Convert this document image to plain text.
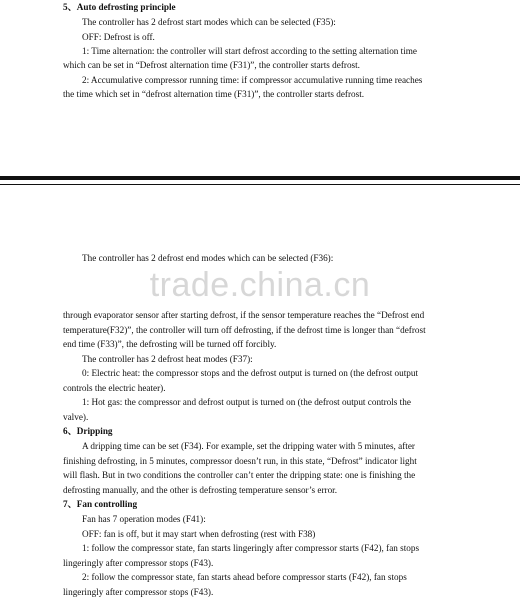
5、Auto defrosting principle
The controller has 2 defrost start modes which can be selected (F35):
OFF: Defrost is off.
1: Time alternation: the controller will start defrost according to the setting alternation time
which can be set in “Defrost alternation time (F31)”, the controller starts defrost.
2: Accumulative compressor running time: if compressor accumulative running time reaches
the time which set in “defrost alternation time (F31)”, the controller starts defrost.
The controller has 2 defrost end modes which can be selected (F36):
through evaporator sensor after starting defrost, if the sensor temperature reaches the “Defrost end
temperature(F32)”, the controller will turn off defrosting, if the defrost time is longer than “defrost
end time (F33)”, the defrosting will be turned off forcibly.
The controller has 2 defrost heat modes (F37):
0: Electric heat: the compressor stops and the defrost output is turned on (the defrost output
controls the electric heater).
1: Hot gas: the compressor and defrost output is turned on (the defrost output controls the
valve).
6、Dripping
A dripping time can be set (F34). For example, set the dripping water with 5 minutes, after
finishing defrosting, in 5 minutes, compressor doesn’t run, in this state, “Defrost” indicator light
will flash. But in two conditions the controller can’t enter the dripping state: one is finishing the
defrosting manually, and the other is defrosting temperature sensor’s error.
7、Fan controlling
Fan has 7 operation modes (F41):
OFF: fan is off, but it may start when defrosting (rest with F38)
1: follow the compressor state, fan starts lingeringly after compressor starts (F42), fan stops
lingeringly after compressor stops (F43).
2: follow the compressor state, fan starts ahead before compressor starts (F42), fan stops
lingeringly after compressor stops (F43).
trade.china.cn
